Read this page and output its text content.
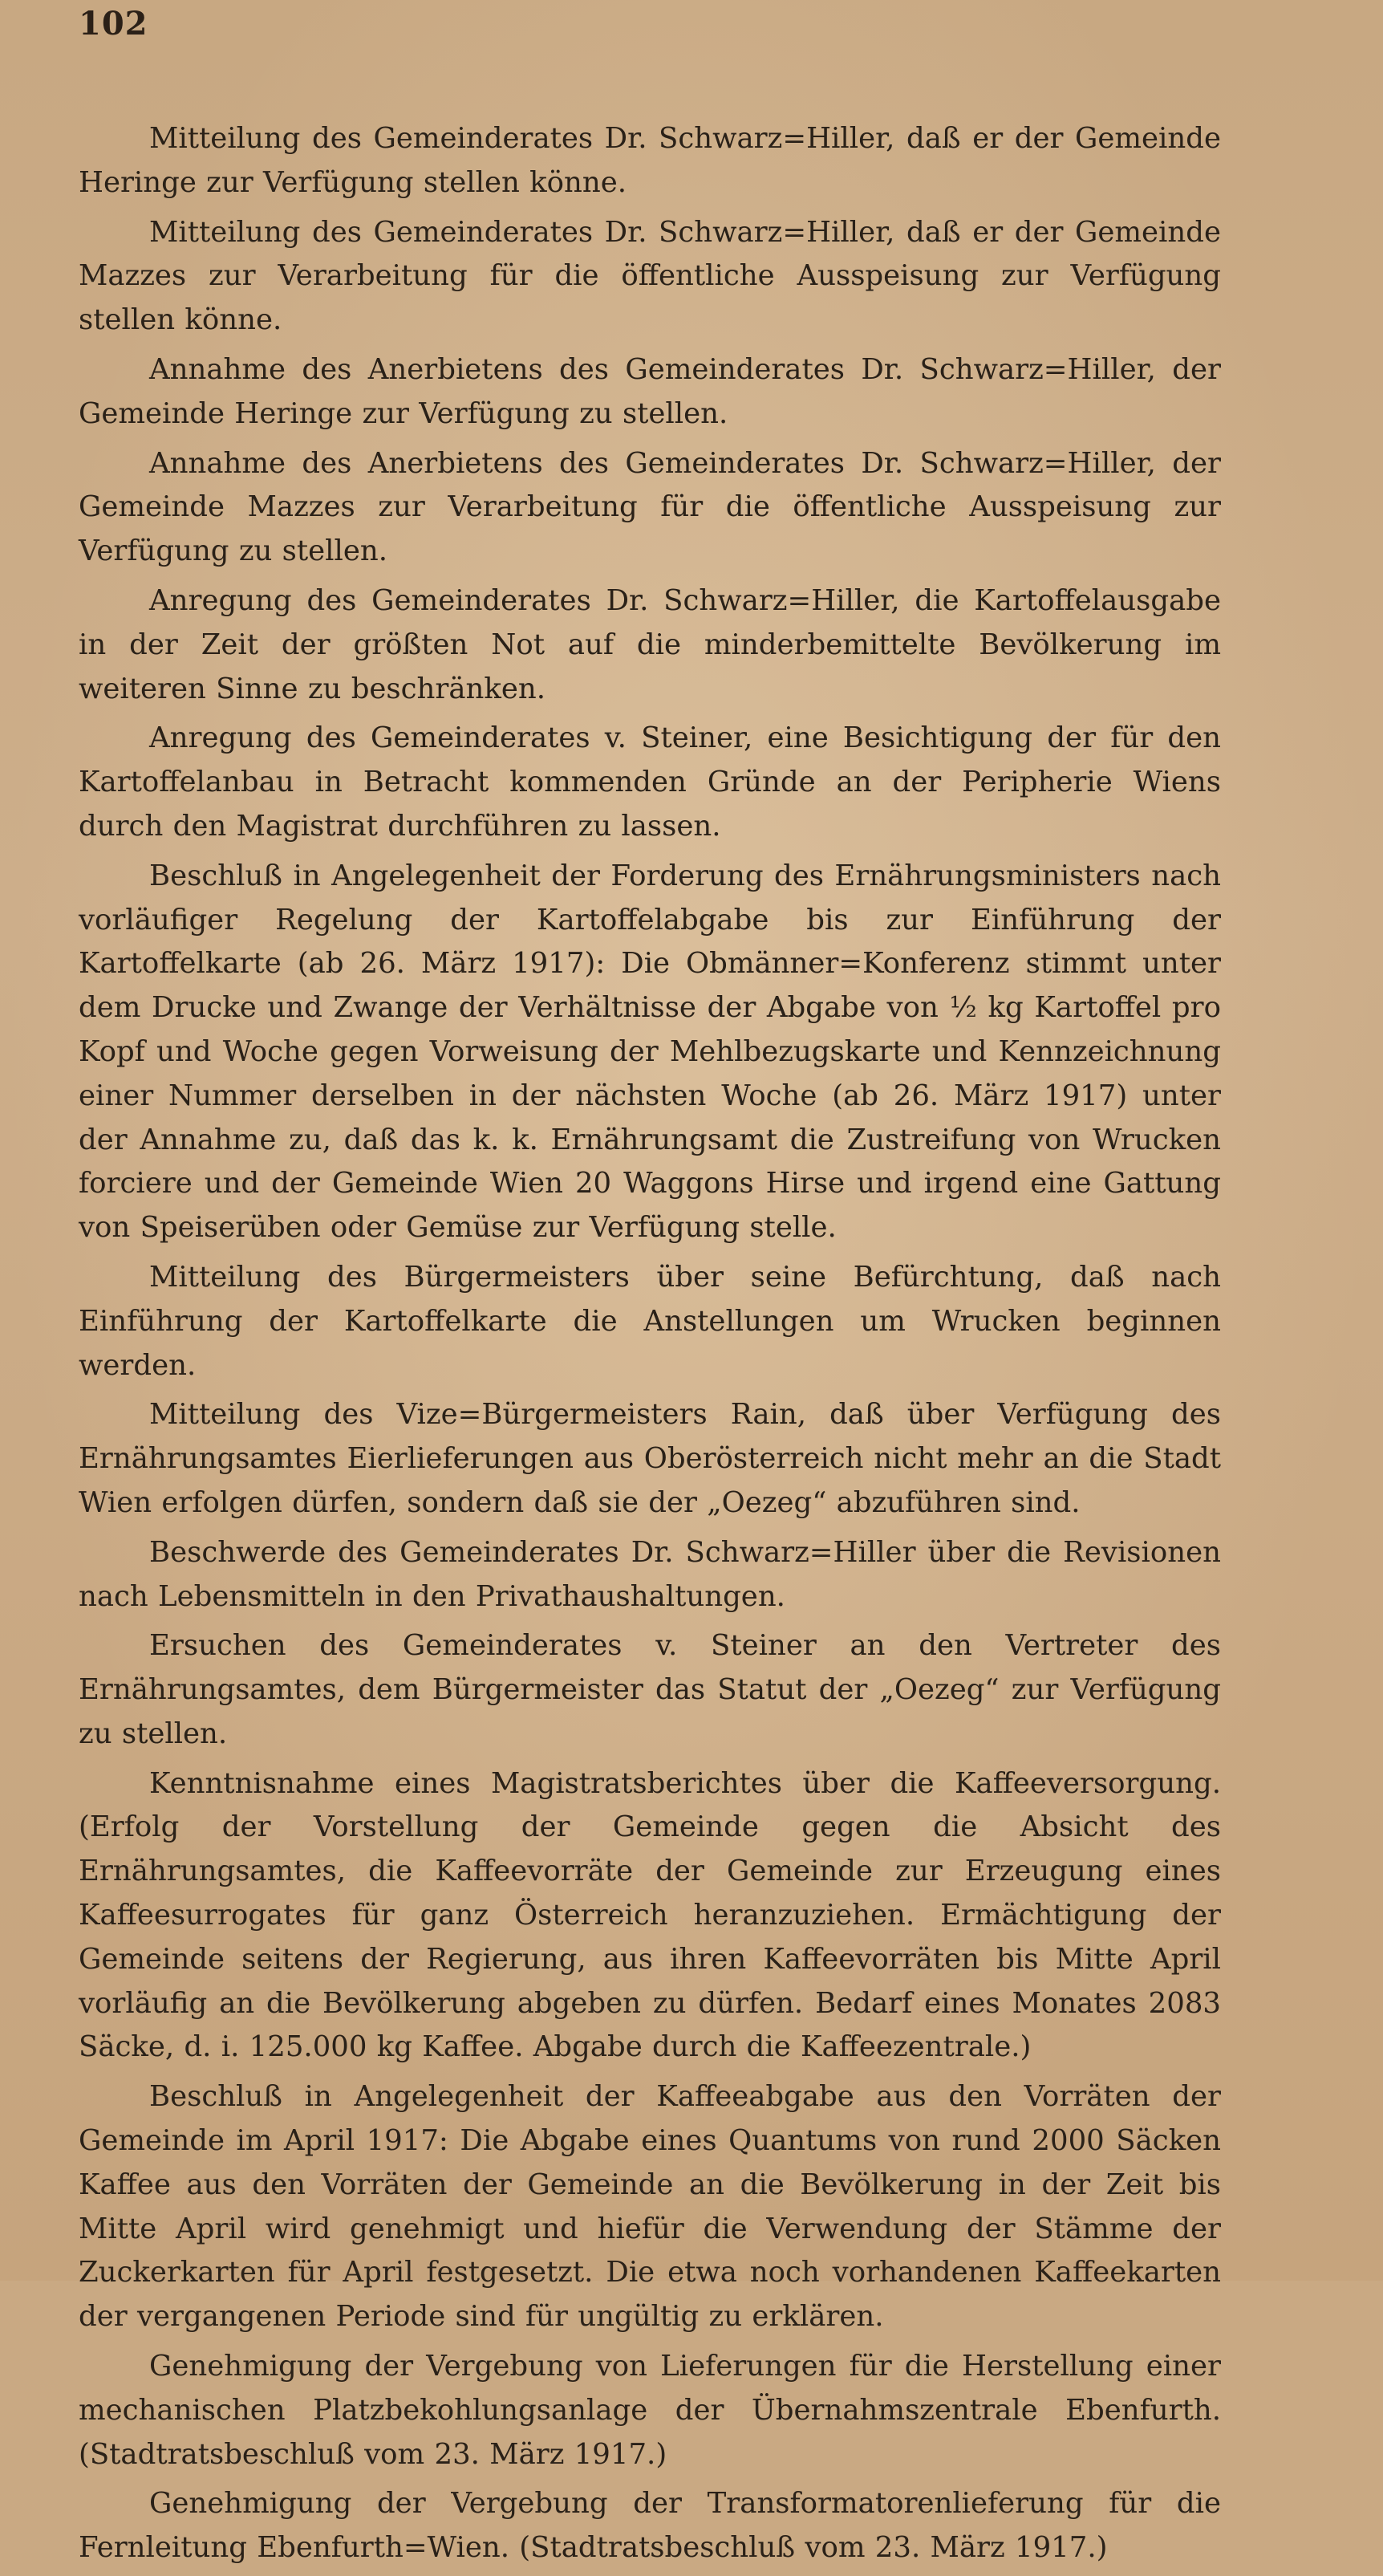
102

Mitteilung des Gemeinderates Dr. Schwarz=Hiller, daß er der Gemeinde Heringe zur Verfügung stellen könne.

Mitteilung des Gemeinderates Dr. Schwarz=Hiller, daß er der Gemeinde Mazzes zur Verarbeitung für die öffentliche Ausspeisung zur Verfügung stellen könne.

Annahme des Anerbietens des Gemeinderates Dr. Schwarz=Hiller, der Gemeinde Heringe zur Verfügung zu stellen.

Annahme des Anerbietens des Gemeinderates Dr. Schwarz=Hiller, der Gemeinde Mazzes zur Verarbeitung für die öffentliche Ausspeisung zur Verfügung zu stellen.

Anregung des Gemeinderates Dr. Schwarz=Hiller, die Kartoffelausgabe in der Zeit der größten Not auf die minderbemittelte Bevölkerung im weiteren Sinne zu beschränken.

Anregung des Gemeinderates v. Steiner, eine Besichtigung der für den Kartoffelanbau in Betracht kommenden Gründe an der Peripherie Wiens durch den Magistrat durchführen zu lassen.

Beschluß in Angelegenheit der Forderung des Ernährungsministers nach vorläufiger Regelung der Kartoffelabgabe bis zur Einführung der Kartoffelkarte (ab 26. März 1917): Die Obmänner=Konferenz stimmt unter dem Drucke und Zwange der Verhältnisse der Abgabe von ½ kg Kartoffel pro Kopf und Woche gegen Vorweisung der Mehlbezugskarte und Kennzeichnung einer Nummer derselben in der nächsten Woche (ab 26. März 1917) unter der Annahme zu, daß das k. k. Ernährungsamt die Zustreifung von Wrucken forciere und der Gemeinde Wien 20 Waggons Hirse und irgend eine Gattung von Speiserüben oder Gemüse zur Verfügung stelle.

Mitteilung des Bürgermeisters über seine Befürchtung, daß nach Einführung der Kartoffelkarte die Anstellungen um Wrucken beginnen werden.

Mitteilung des Vize=Bürgermeisters Rain, daß über Verfügung des Ernährungsamtes Eierlieferungen aus Oberösterreich nicht mehr an die Stadt Wien erfolgen dürfen, sondern daß sie der „Oezeg“ abzuführen sind.

Beschwerde des Gemeinderates Dr. Schwarz=Hiller über die Revisionen nach Lebensmitteln in den Privathaushaltungen.

Ersuchen des Gemeinderates v. Steiner an den Vertreter des Ernährungsamtes, dem Bürgermeister das Statut der „Oezeg“ zur Verfügung zu stellen.

Kenntnisnahme eines Magistratsberichtes über die Kaffeeversorgung. (Erfolg der Vorstellung der Gemeinde gegen die Absicht des Ernährungsamtes, die Kaffeevorräte der Gemeinde zur Erzeugung eines Kaffeesurrogates für ganz Österreich heranzuziehen. Ermächtigung der Gemeinde seitens der Regierung, aus ihren Kaffeevorräten bis Mitte April vorläufig an die Bevölkerung abgeben zu dürfen. Bedarf eines Monates 2083 Säcke, d. i. 125.000 kg Kaffee. Abgabe durch die Kaffeezentrale.)

Beschluß in Angelegenheit der Kaffeeabgabe aus den Vorräten der Gemeinde im April 1917: Die Abgabe eines Quantums von rund 2000 Säcken Kaffee aus den Vorräten der Gemeinde an die Bevölkerung in der Zeit bis Mitte April wird genehmigt und hiefür die Verwendung der Stämme der Zuckerkarten für April festgesetzt. Die etwa noch vorhandenen Kaffeekarten der vergangenen Periode sind für ungültig zu erklären.

Genehmigung der Vergebung von Lieferungen für die Herstellung einer mechanischen Platzbekohlungsanlage der Übernahmszentrale Ebenfurth. (Stadtratsbeschluß vom 23. März 1917.)

Genehmigung der Vergebung der Transformatorenlieferung für die Fernleitung Ebenfurth=Wien. (Stadtratsbeschluß vom 23. März 1917.)
